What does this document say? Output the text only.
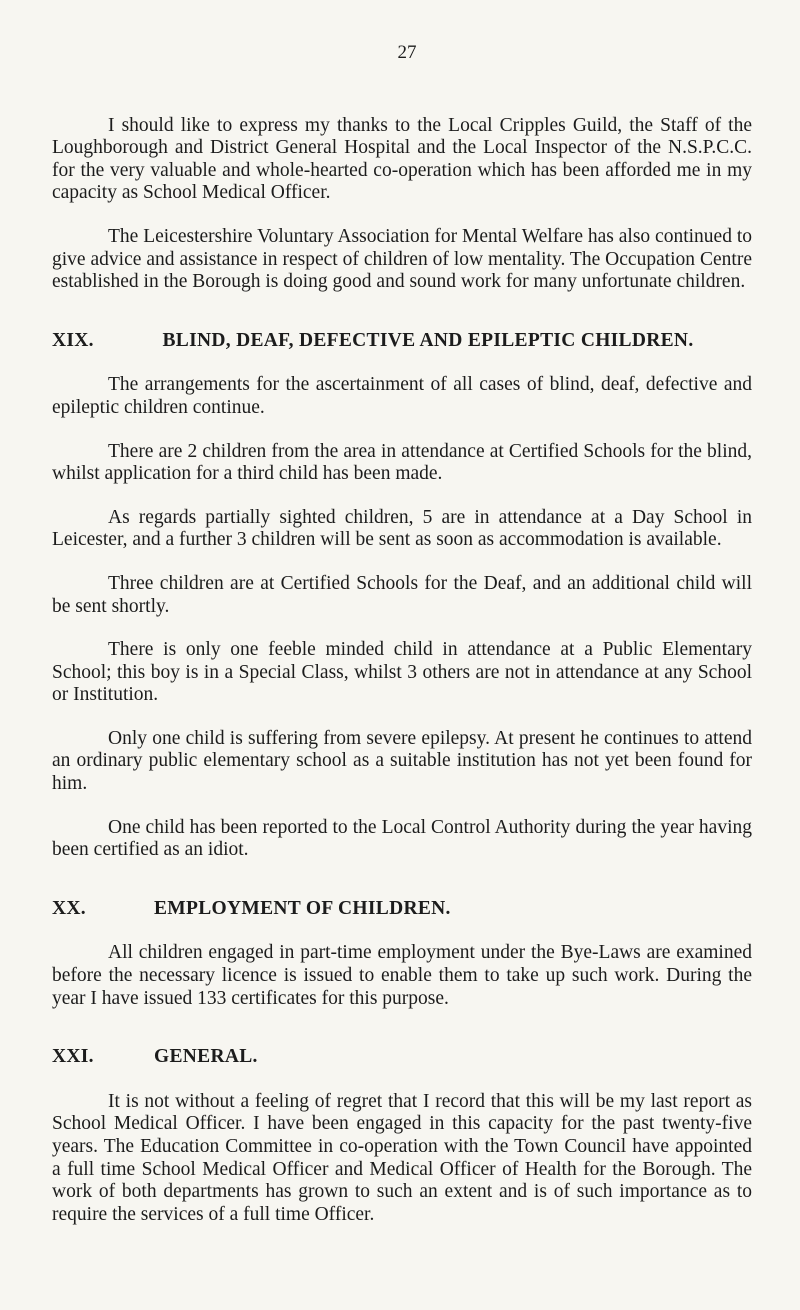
27

I should like to express my thanks to the Local Cripples Guild, the Staff of the Loughborough and District General Hospital and the Local Inspector of the N.S.P.C.C. for the very valuable and whole-hearted co-operation which has been afforded me in my capacity as School Medical Officer.

The Leicestershire Voluntary Association for Mental Welfare has also continued to give advice and assistance in respect of children of low mentality. The Occupation Centre established in the Borough is doing good and sound work for many unfortunate children.

XIX.	BLIND, DEAF, DEFECTIVE AND EPILEPTIC CHILDREN.

The arrangements for the ascertainment of all cases of blind, deaf, defective and epileptic children continue.

There are 2 children from the area in attendance at Certified Schools for the blind, whilst application for a third child has been made.

As regards partially sighted children, 5 are in attendance at a Day School in Leicester, and a further 3 children will be sent as soon as accommodation is available.

Three children are at Certified Schools for the Deaf, and an additional child will be sent shortly.

There is only one feeble minded child in attendance at a Public Elementary School; this boy is in a Special Class, whilst 3 others are not in attendance at any School or Institution.

Only one child is suffering from severe epilepsy. At present he continues to attend an ordinary public elementary school as a suitable institution has not yet been found for him.

One child has been reported to the Local Control Authority during the year having been certified as an idiot.

XX.	EMPLOYMENT OF CHILDREN.

All children engaged in part-time employment under the Bye-Laws are examined before the necessary licence is issued to enable them to take up such work. During the year I have issued 133 certificates for this purpose.

XXI.	GENERAL.

It is not without a feeling of regret that I record that this will be my last report as School Medical Officer. I have been engaged in this capacity for the past twenty-five years. The Education Committee in co-operation with the Town Council have appointed a full time School Medical Officer and Medical Officer of Health for the Borough. The work of both departments has grown to such an extent and is of such importance as to require the services of a full time Officer.
